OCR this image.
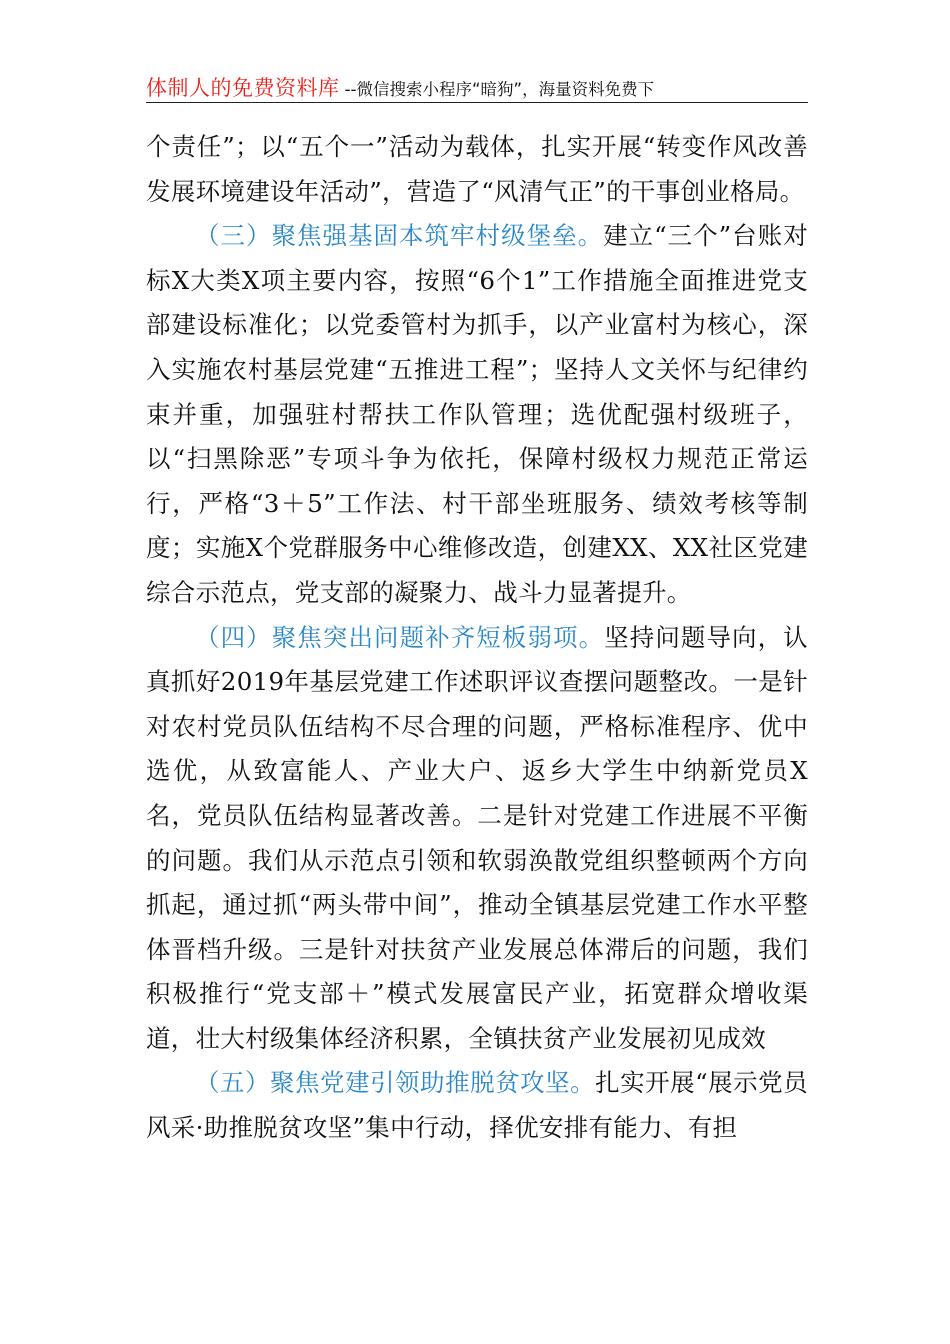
体制人的免费资料库 --微信搜索小程序“暗狗”，海量资料免费下

个责任”；以“五个一”活动为载体，扎实开展“转变作风改善发展环境建设年活动”，营造了“风清气正”的干事创业格局。

（三）聚焦强基固本筑牢村级堡垒。建立“三个”台账对标X大类X项主要内容，按照“6个1”工作措施全面推进党支部建设标准化；以党委管村为抓手，以产业富村为核心，深入实施农村基层党建“五推进工程”；坚持人文关怀与纪律约束并重，加强驻村帮扶工作队管理；选优配强村级班子，以“扫黑除恶”专项斗争为依托，保障村级权力规范正常运行，严格“3＋5”工作法、村干部坐班服务、绩效考核等制度；实施X个党群服务中心维修改造，创建XX、XX社区党建综合示范点，党支部的凝聚力、战斗力显著提升。

（四）聚焦突出问题补齐短板弱项。坚持问题导向，认真抓好2019年基层党建工作述职评议查摆问题整改。一是针对农村党员队伍结构不尽合理的问题，严格标准程序、优中选优，从致富能人、产业大户、返乡大学生中纳新党员X名，党员队伍结构显著改善。二是针对党建工作进展不平衡的问题。我们从示范点引领和软弱涣散党组织整顿两个方向抓起，通过抓“两头带中间”，推动全镇基层党建工作水平整体晋档升级。三是针对扶贫产业发展总体滞后的问题，我们积极推行“党支部＋”模式发展富民产业，拓宽群众增收渠道，壮大村级集体经济积累，全镇扶贫产业发展初见成效

（五）聚焦党建引领助推脱贫攻坚。扎实开展“展示党员风采·助推脱贫攻坚”集中行动，择优安排有能力、有担
